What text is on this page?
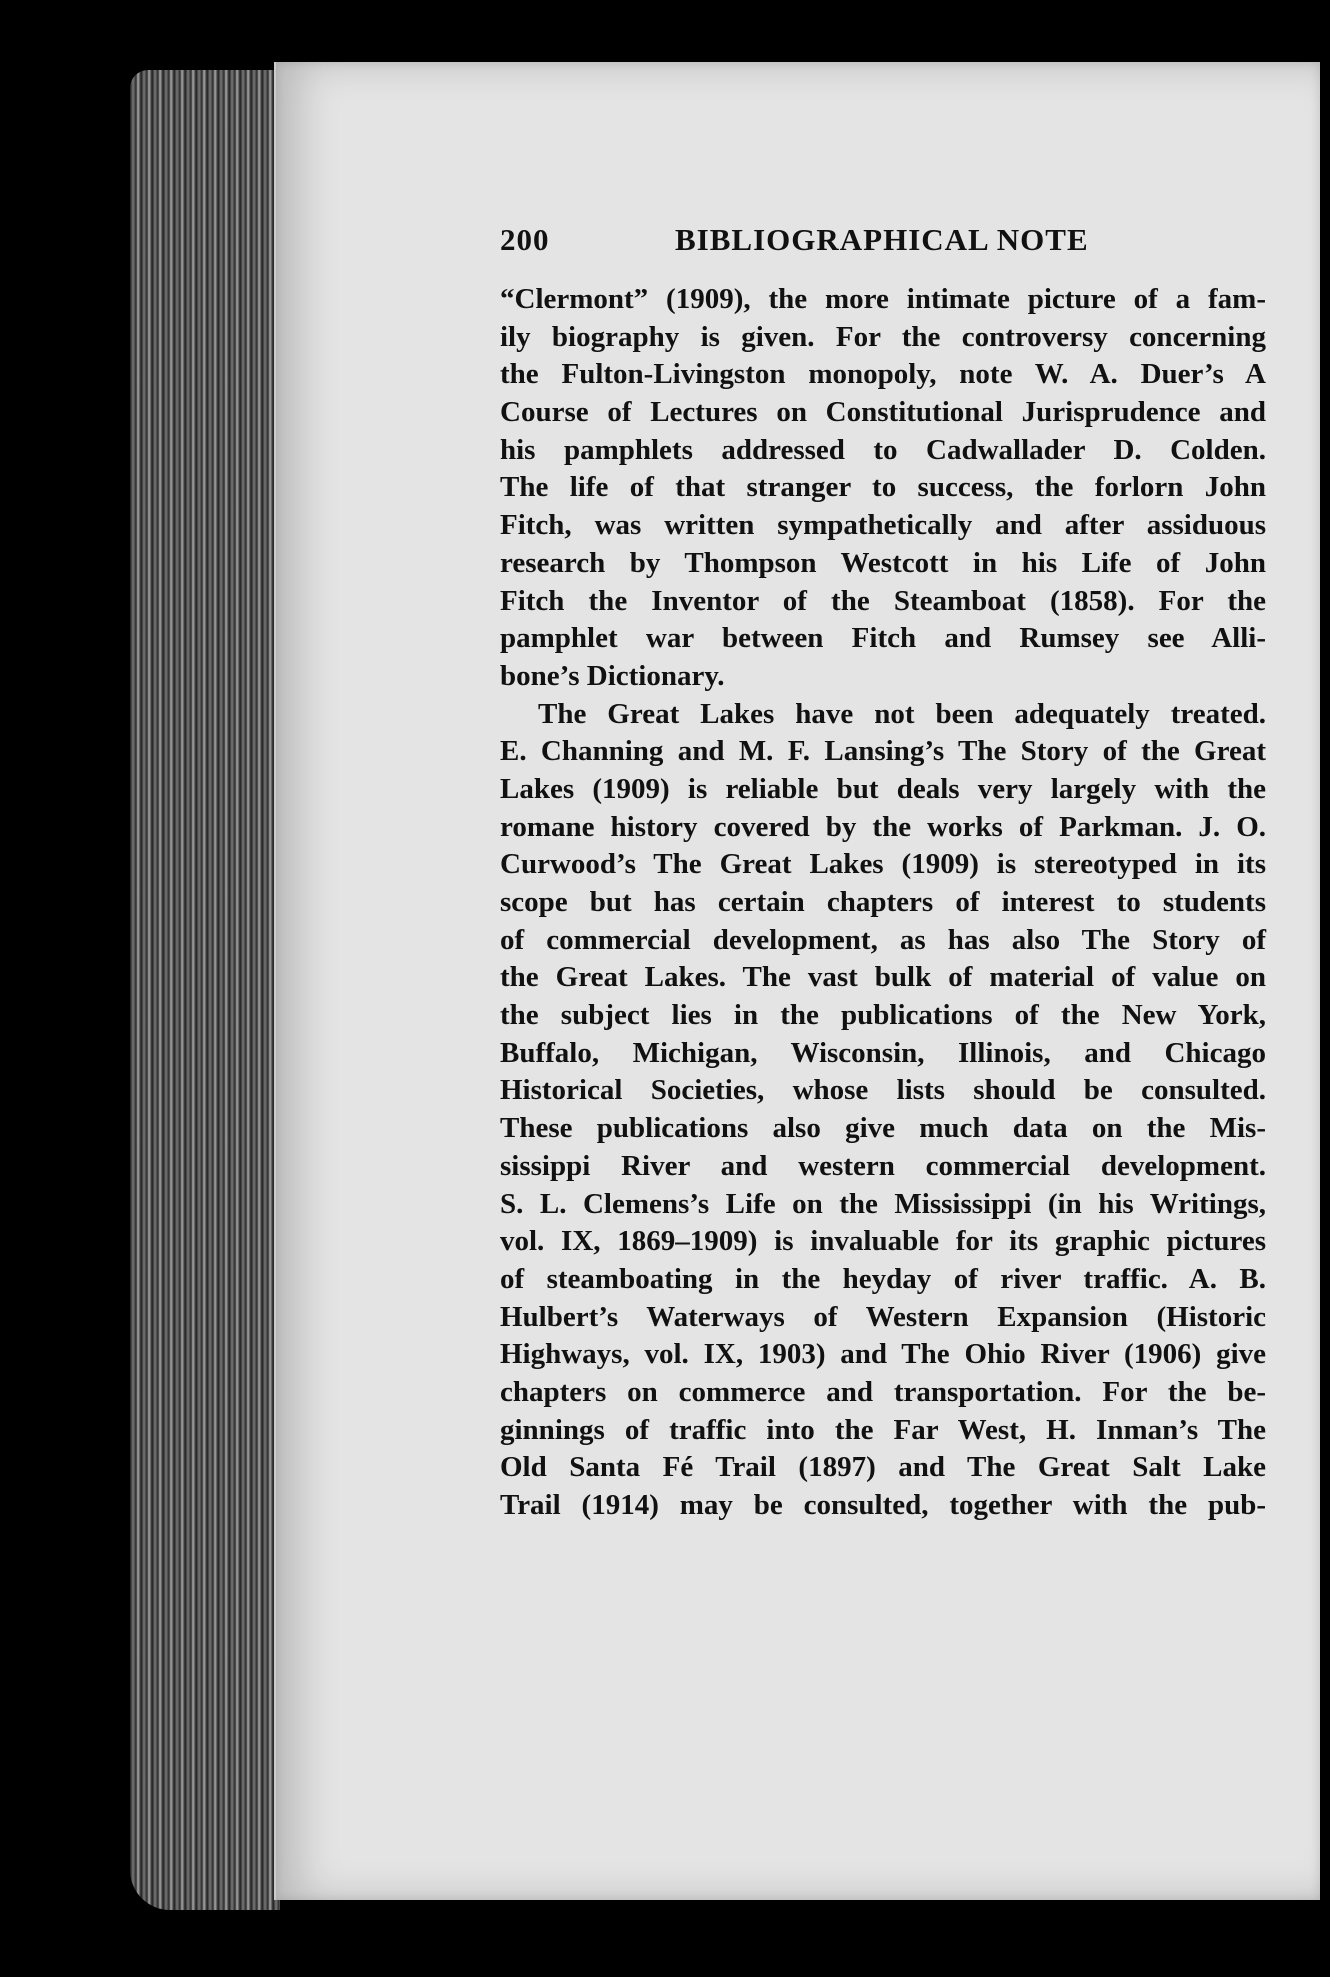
200	BIBLIOGRAPHICAL NOTE
“Clermont” (1909), the more intimate picture of a fam-
ily biography is given. For the controversy concerning
the Fulton-Livingston monopoly, note W. A. Duer’s A
Course of Lectures on Constitutional Jurisprudence and
his pamphlets addressed to Cadwallader D. Colden.
The life of that stranger to success, the forlorn John
Fitch, was written sympathetically and after assiduous
research by Thompson Westcott in his Life of John
Fitch the Inventor of the Steamboat (1858). For the
pamphlet war between Fitch and Rumsey see Alli-
bone’s Dictionary.
The Great Lakes have not been adequately treated.
E. Channing and M. F. Lansing’s The Story of the Great
Lakes (1909) is reliable but deals very largely with the
romane history covered by the works of Parkman. J. O.
Curwood’s The Great Lakes (1909) is stereotyped in its
scope but has certain chapters of interest to students
of commercial development, as has also The Story of
the Great Lakes. The vast bulk of material of value on
the subject lies in the publications of the New York,
Buffalo, Michigan, Wisconsin, Illinois, and Chicago
Historical Societies, whose lists should be consulted.
These publications also give much data on the Mis-
sissippi River and western commercial development.
S. L. Clemens’s Life on the Mississippi (in his Writings,
vol. IX, 1869–1909) is invaluable for its graphic pictures
of steamboating in the heyday of river traffic. A. B.
Hulbert’s Waterways of Western Expansion (Historic
Highways, vol. IX, 1903) and The Ohio River (1906) give
chapters on commerce and transportation. For the be-
ginnings of traffic into the Far West, H. Inman’s The
Old Santa Fé Trail (1897) and The Great Salt Lake
Trail (1914) may be consulted, together with the pub-
